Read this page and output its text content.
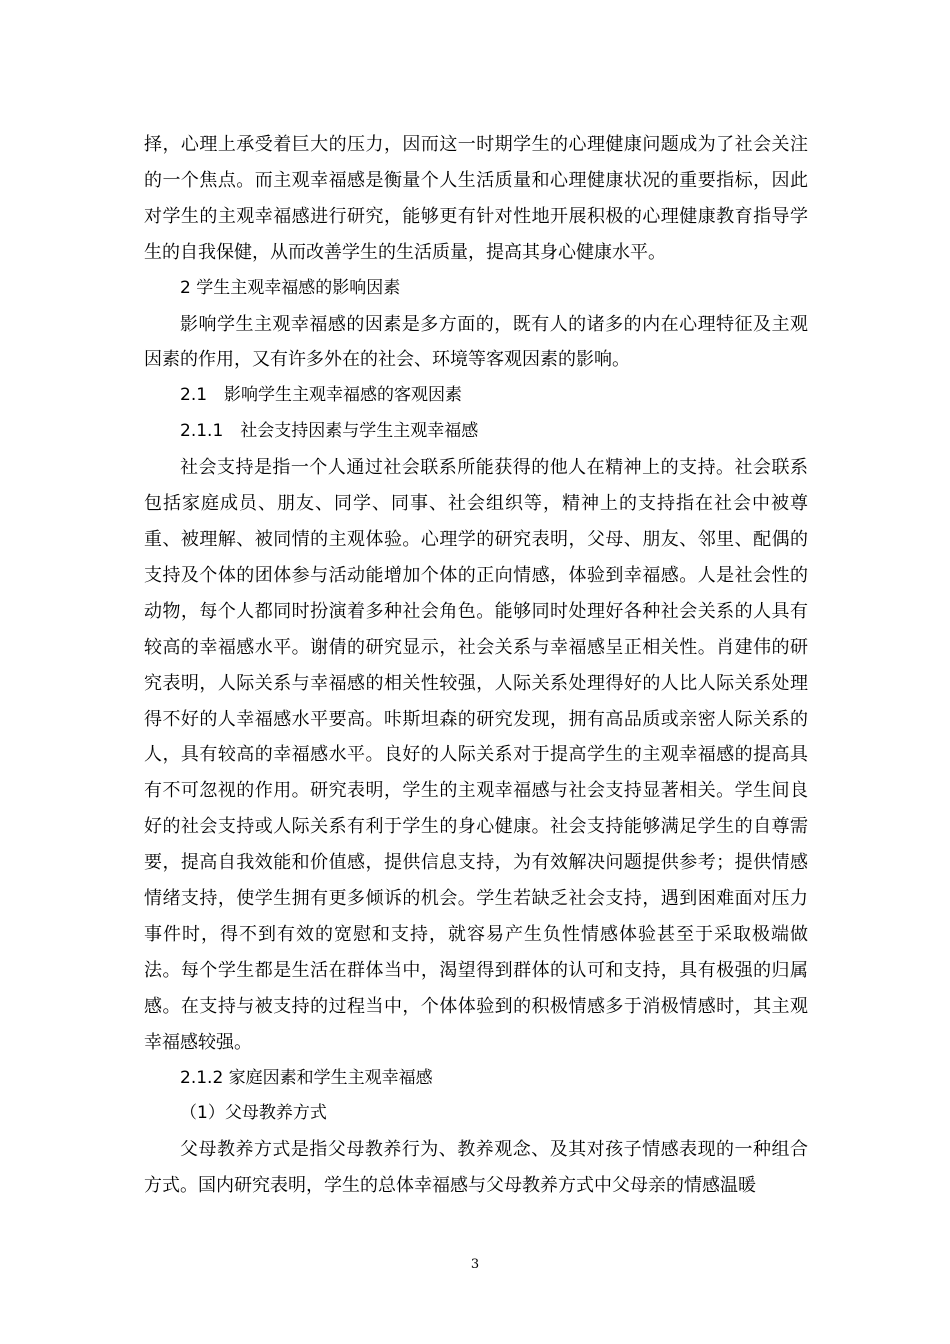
择，心理上承受着巨大的压力，因而这一时期学生的心理健康问题成为了社会关注的一个焦点。而主观幸福感是衡量个人生活质量和心理健康状况的重要指标，因此对学生的主观幸福感进行研究，能够更有针对性地开展积极的心理健康教育指导学生的自我保健，从而改善学生的生活质量，提高其身心健康水平。

2 学生主观幸福感的影响因素

影响学生主观幸福感的因素是多方面的，既有人的诸多的内在心理特征及主观因素的作用，又有许多外在的社会、环境等客观因素的影响。

2.1　影响学生主观幸福感的客观因素

2.1.1　社会支持因素与学生主观幸福感

社会支持是指一个人通过社会联系所能获得的他人在精神上的支持。社会联系包括家庭成员、朋友、同学、同事、社会组织等，精神上的支持指在社会中被尊重、被理解、被同情的主观体验。心理学的研究表明，父母、朋友、邻里、配偶的支持及个体的团体参与活动能增加个体的正向情感，体验到幸福感。人是社会性的动物，每个人都同时扮演着多种社会角色。能够同时处理好各种社会关系的人具有较高的幸福感水平。谢倩的研究显示，社会关系与幸福感呈正相关性。肖建伟的研究表明，人际关系与幸福感的相关性较强，人际关系处理得好的人比人际关系处理得不好的人幸福感水平要高。咔斯坦森的研究发现，拥有高品质或亲密人际关系的人，具有较高的幸福感水平。良好的人际关系对于提高学生的主观幸福感的提高具有不可忽视的作用。研究表明，学生的主观幸福感与社会支持显著相关。学生间良好的社会支持或人际关系有利于学生的身心健康。社会支持能够满足学生的自尊需要，提高自我效能和价值感，提供信息支持，为有效解决问题提供参考；提供情感情绪支持，使学生拥有更多倾诉的机会。学生若缺乏社会支持，遇到困难面对压力事件时，得不到有效的宽慰和支持，就容易产生负性情感体验甚至于采取极端做法。每个学生都是生活在群体当中，渴望得到群体的认可和支持，具有极强的归属感。在支持与被支持的过程当中，个体体验到的积极情感多于消极情感时，其主观幸福感较强。

2.1.2 家庭因素和学生主观幸福感

（1）父母教养方式

父母教养方式是指父母教养行为、教养观念、及其对孩子情感表现的一种组合方式。国内研究表明，学生的总体幸福感与父母教养方式中父母亲的情感温暖

3
